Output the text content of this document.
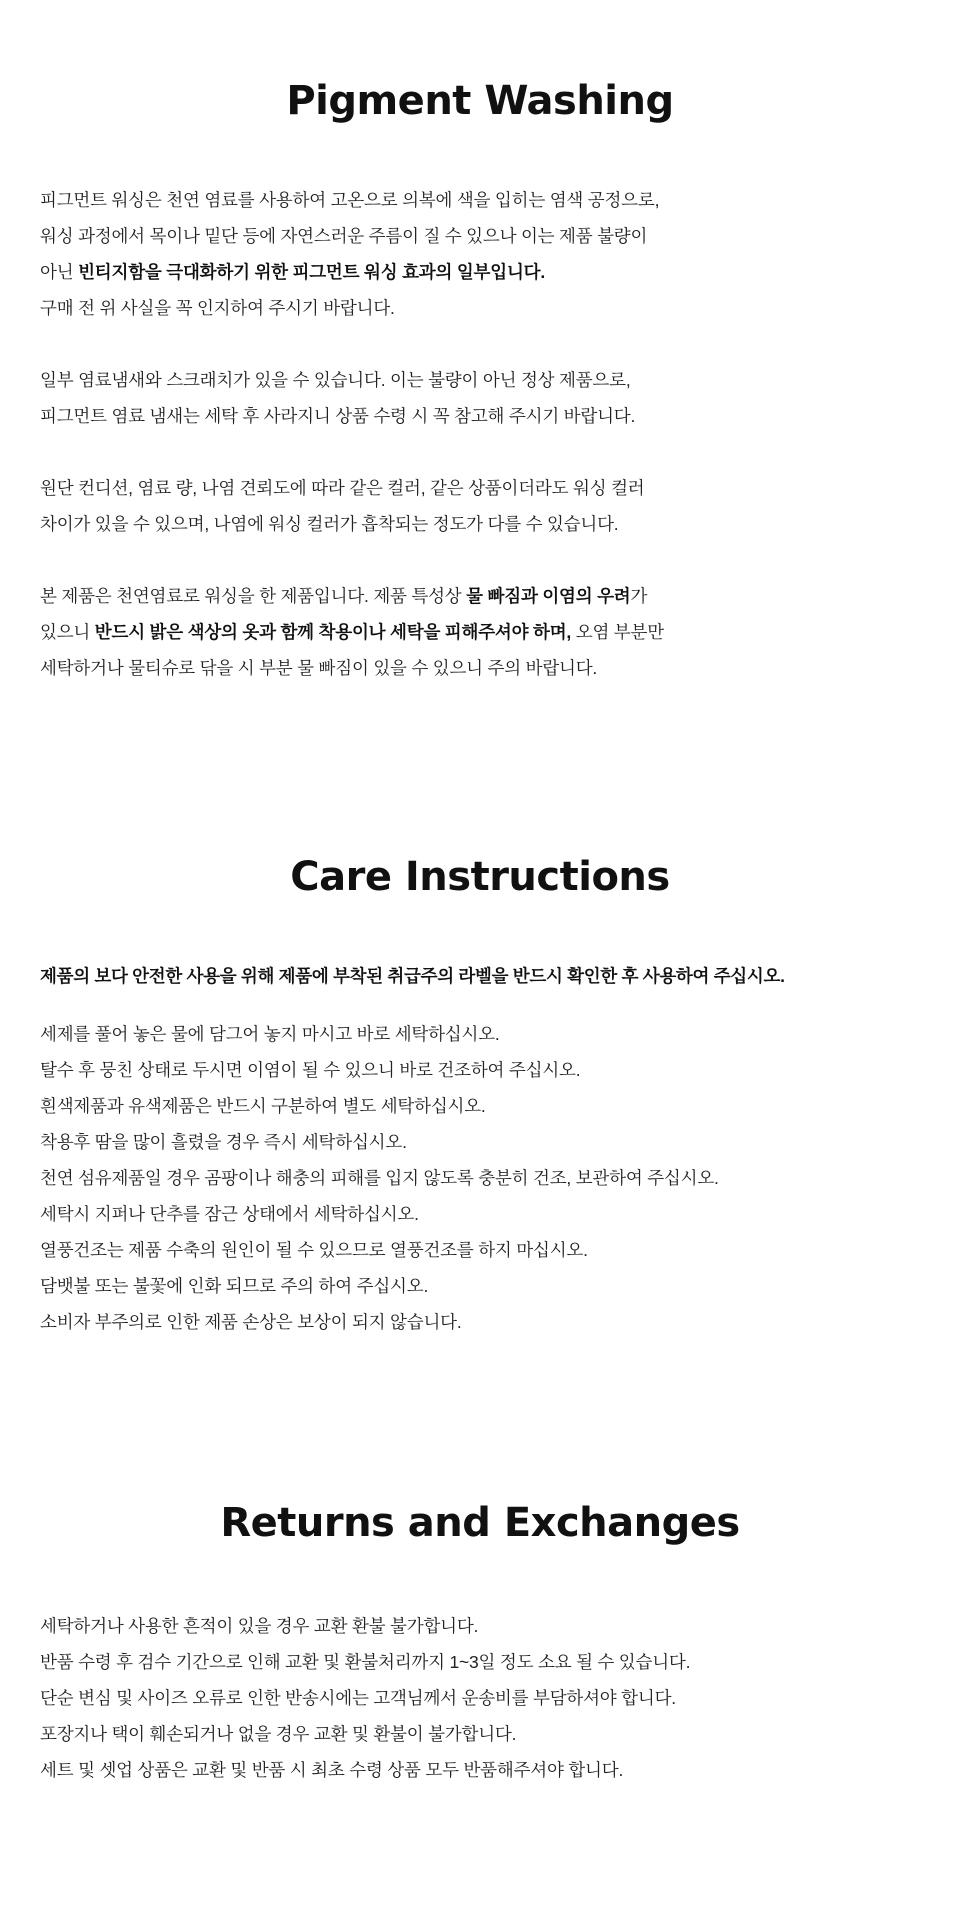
Pigment Washing

피그먼트 워싱은 천연 염료를 사용하여 고온으로 의복에 색을 입히는 염색 공정으로,

워싱 과정에서 목이나 밑단 등에 자연스러운 주름이 질 수 있으나 이는 제품 불량이

아닌 빈티지함을 극대화하기 위한 피그먼트 워싱 효과의 일부입니다.

구매 전 위 사실을 꼭 인지하여 주시기 바랍니다.

일부 염료냄새와 스크래치가 있을 수 있습니다. 이는 불량이 아닌 정상 제품으로,

피그먼트 염료 냄새는 세탁 후 사라지니 상품 수령 시 꼭 참고해 주시기 바랍니다.

원단 컨디션, 염료 량, 나염 견뢰도에 따라 같은 컬러, 같은 상품이더라도 워싱 컬러

차이가 있을 수 있으며, 나염에 워싱 컬러가 흡착되는 정도가 다를 수 있습니다.

본 제품은 천연염료로 워싱을 한 제품입니다. 제품 특성상 물 빠짐과 이염의 우려가

있으니 반드시 밝은 색상의 옷과 함께 착용이나 세탁을 피해주셔야 하며, 오염 부분만

세탁하거나 물티슈로 닦을 시 부분 물 빠짐이 있을 수 있으니 주의 바랍니다.

Care Instructions
제품의 보다 안전한 사용을 위해 제품에 부착된 취급주의 라벨을 반드시 확인한 후 사용하여 주십시오.
세제를 풀어 놓은 물에 담그어 놓지 마시고 바로 세탁하십시오.
탈수 후 뭉친 상태로 두시면 이염이 될 수 있으니 바로 건조하여 주십시오.
흰색제품과 유색제품은 반드시 구분하여 별도 세탁하십시오.
착용후 땀을 많이 흘렸을 경우 즉시 세탁하십시오.
천연 섬유제품일 경우 곰팡이나 해충의 피해를 입지 않도록 충분히 건조, 보관하여 주십시오.
세탁시 지퍼나 단추를 잠근 상태에서 세탁하십시오.
열풍건조는 제품 수축의 원인이 될 수 있으므로 열풍건조를 하지 마십시오.
담뱃불 또는 불꽃에 인화 되므로 주의 하여 주십시오.
소비자 부주의로 인한 제품 손상은 보상이 되지 않습니다.
Returns and Exchanges
세탁하거나 사용한 흔적이 있을 경우 교환 환불 불가합니다.
반품 수령 후 검수 기간으로 인해 교환 및 환불처리까지 1~3일 정도 소요 될 수 있습니다.
단순 변심 및 사이즈 오류로 인한 반송시에는 고객님께서 운송비를 부담하셔야 합니다.
포장지나 택이 훼손되거나 없을 경우 교환 및 환불이 불가합니다.
세트 및 셋업 상품은 교환 및 반품 시 최초 수령 상품 모두 반품해주셔야 합니다.
